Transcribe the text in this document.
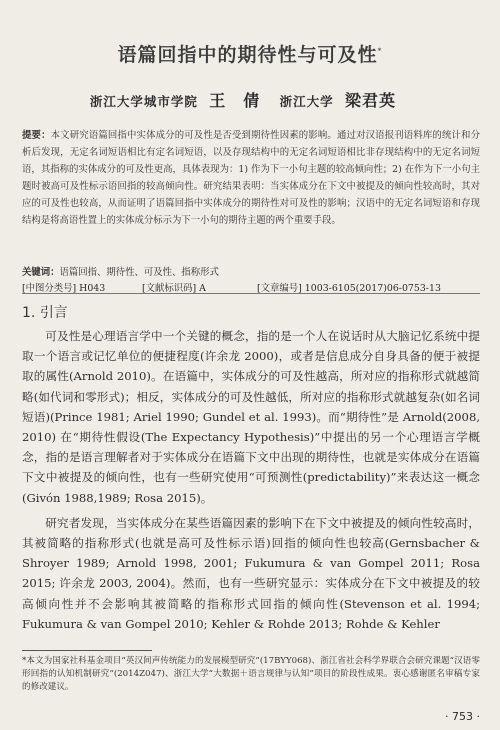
语篇回指中的期待性与可及性*
浙江大学城市学院 王　倩 浙江大学 梁君英
提要：本文研究语篇回指中实体成分的可及性是否受到期待性因素的影响。通过对汉语报刊语料库的统计和分析后发现，无定名词短语相比有定名词短语，以及存现结构中的无定名词短语相比非存现结构中的无定名词短语，其指称的实体成分的可及性更高，具体表现为：1) 作为下一小句主题的较高倾向性；2) 在作为下一小句主题时被高可及性标示语回指的较高倾向性。研究结果表明：当实体成分在下文中被提及的倾向性较高时，其对应的可及性也较高，从而证明了语篇回指中实体成分的期待性对可及性的影响；汉语中的无定名词短语和存现结构是将高语性置上的实体成分标示为下一小句的期待主题的两个重要手段。
关键词：语篇回指、期待性、可及性、指称形式
[中图分类号] H043	[文献标识码] A	[文章编号] 1003-6105(2017)06-0753-13
1. 引言

可及性是心理语言学中一个关键的概念，指的是一个人在说话时从大脑记忆系统中提取一个语言或记忆单位的便捷程度(许余龙 2000)，或者是信息成分自身具备的便于被提取的属性(Arnold 2010)。在语篇中，实体成分的可及性越高，所对应的指称形式就越简略(如代词和零形式)；相反，实体成分的可及性越低，所对应的指称形式就越复杂(如名词短语)(Prince 1981; Ariel 1990; Gundel et al. 1993)。而“期待性”是 Arnold(2008, 2010) 在“期待性假设(The Expectancy Hypothesis)”中提出的另一个心理语言学概念，指的是语言理解者对于实体成分在语篇下文中出现的期待性，也就是实体成分在语篇下文中被提及的倾向性，也有一些研究使用“可预测性(predictability)”来表达这一概念(Givón 1988,1989; Rosa 2015)。

研究者发现，当实体成分在某些语篇因素的影响下在下文中被提及的倾向性较高时，其被简略的指称形式(也就是高可及性标示语)回指的倾向性也较高(Gernsbacher & Shroyer 1989; Arnold 1998, 2001; Fukumura & van Gompel 2011; Rosa 2015; 许余龙 2003, 2004)。然而，也有一些研究显示：实体成分在下文中被提及的较高倾向性并不会影响其被简略的指称形式回指的倾向性(Stevenson et al. 1994; Fukumura & van Gompel 2010; Kehler & Rohde 2013; Rohde & Kehler

*本文为国家社科基金项目“英汉间声传统能力的发展模型研究”(17BYY068)、浙江省社会科学界联合会研究课题“汉语零形回指的认知机制研究”(2014Z047)、浙江大学“大数据＋语言规律与认知”项目的阶段性成果。衷心感谢匿名审稿专家的修改建议。
· 753 ·
